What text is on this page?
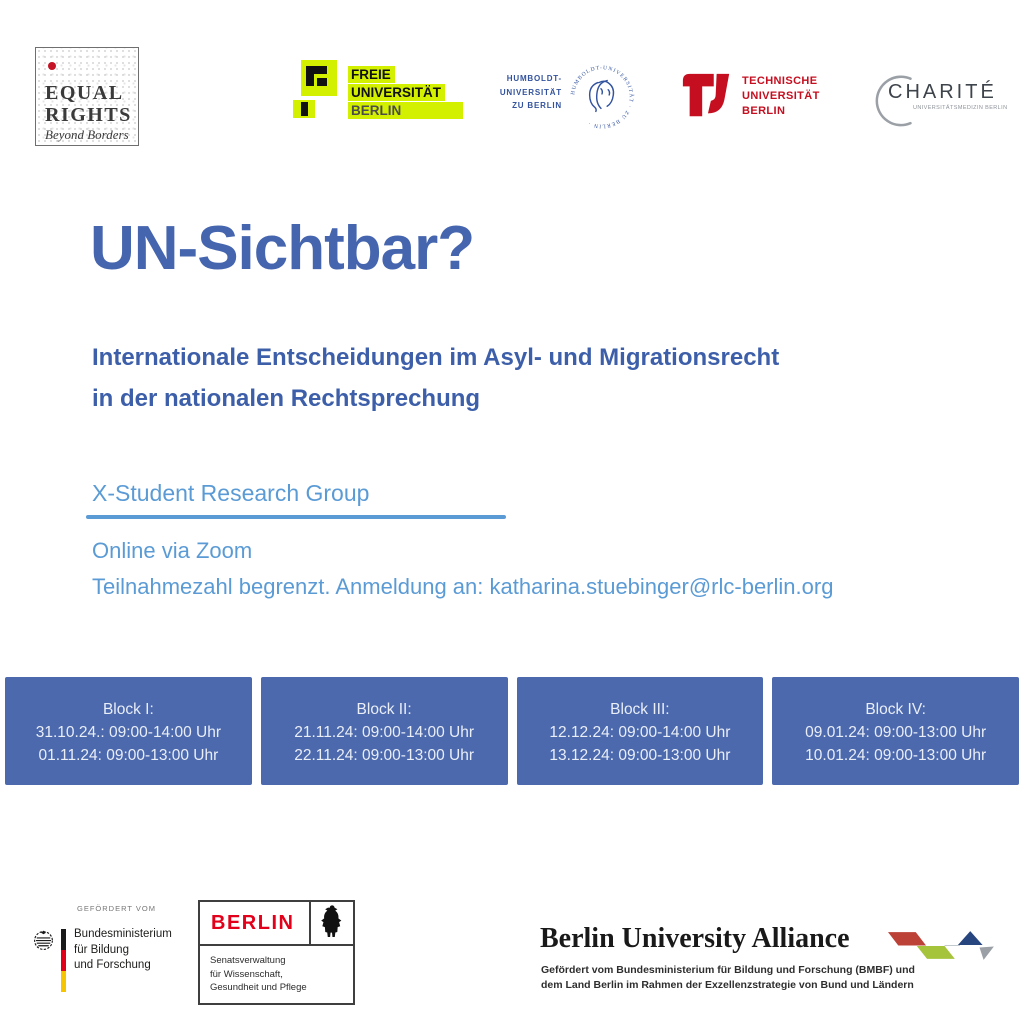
EQUAL
RIGHTS
Beyond Borders
FREIE
UNIVERSITÄT
BERLIN
HUMBOLDT-
UNIVERSITÄT
ZU BERLIN
HUMBOLDT-UNIVERSITÄT · ZU BERLIN ·
TECHNISCHE
UNIVERSITÄT
BERLIN
CHARITÉ
UNIVERSITÄTSMEDIZIN BERLIN
UN-Sichtbar?
Internationale Entscheidungen im Asyl- und Migrationsrecht
in der nationalen Rechtsprechung
X-Student Research Group
Online via Zoom
Teilnahmezahl begrenzt. Anmeldung an: katharina.stuebinger@rlc-berlin.org
Block I:
31.10.24.: 09:00-14:00 Uhr
01.11.24: 09:00-13:00 Uhr
Block II:
21.11.24: 09:00-14:00 Uhr
22.11.24: 09:00-13:00 Uhr
Block III:
12.12.24: 09:00-14:00 Uhr
13.12.24: 09:00-13:00 Uhr
Block IV:
09.01.24: 09:00-13:00 Uhr
10.01.24: 09:00-13:00 Uhr
GEFÖRDERT VOM
Bundesministerium
für Bildung
und Forschung
BERLIN
Senatsverwaltung
für Wissenschaft,
Gesundheit und Pflege
Berlin University Alliance
Gefördert vom Bundesministerium für Bildung und Forschung (BMBF) und
dem Land Berlin im Rahmen der Exzellenzstrategie von Bund und Ländern
